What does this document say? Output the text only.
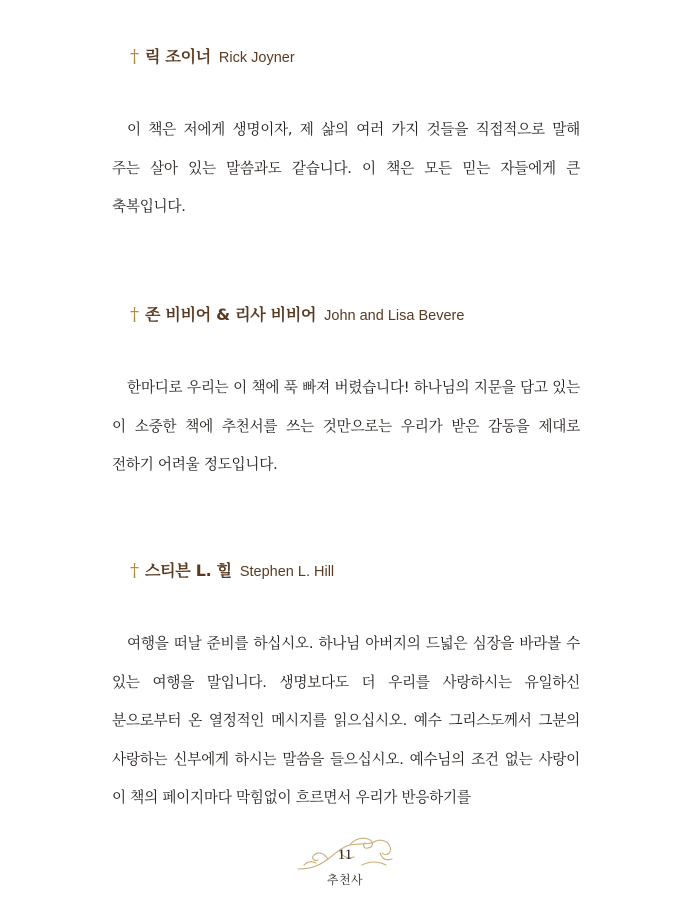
† 릭 조이너 Rick Joyner

이 책은 저에게 생명이자, 제 삶의 여러 가지 것들을 직접적으로 말해 주는 살아 있는 말씀과도 같습니다. 이 책은 모든 믿는 자들에게 큰 축복입니다.

† 존 비비어 & 리사 비비어 John and Lisa Bevere

한마디로 우리는 이 책에 푹 빠져 버렸습니다! 하나님의 지문을 담고 있는 이 소중한 책에 추천서를 쓰는 것만으로는 우리가 받은 감동을 제대로 전하기 어려울 정도입니다.

† 스티븐 L. 힐 Stephen L. Hill

여행을 떠날 준비를 하십시오. 하나님 아버지의 드넓은 심장을 바라볼 수 있는 여행을 말입니다. 생명보다도 더 우리를 사랑하시는 유일하신 분으로부터 온 열정적인 메시지를 읽으십시오. 예수 그리스도께서 그분의 사랑하는 신부에게 하시는 말씀을 들으십시오. 예수님의 조건 없는 사랑이 이 책의 페이지마다 막힘없이 흐르면서 우리가 반응하기를

11
추천사
